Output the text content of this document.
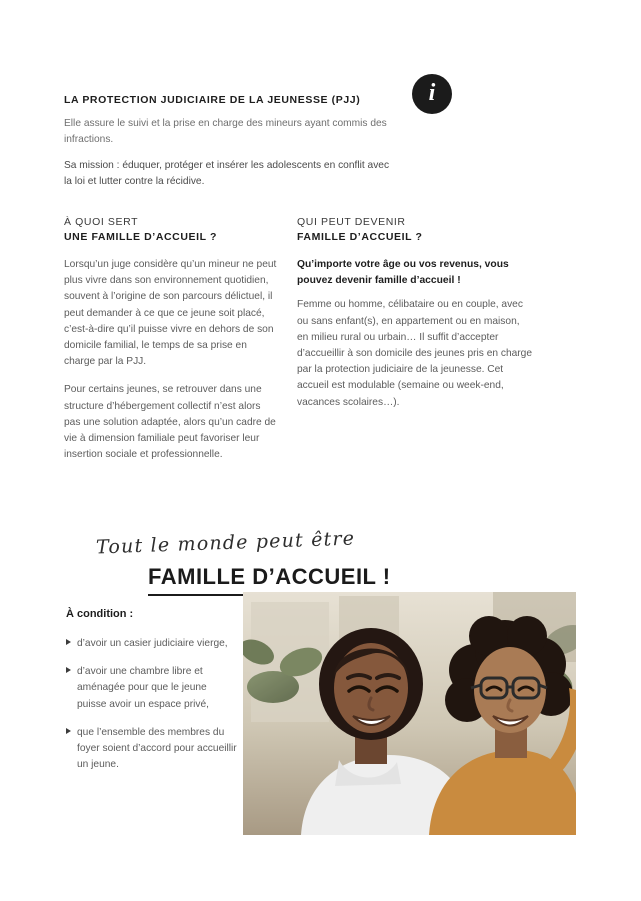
i
LA PROTECTION JUDICIAIRE DE LA JEUNESSE (PJJ)

Elle assure le suivi et la prise en charge des mineurs ayant commis des infractions.

Sa mission : éduquer, protéger et insérer les adolescents en conflit avec la loi et lutter contre la récidive.

À QUOI SERT
UNE FAMILLE D’ACCUEIL ?

Lorsqu’un juge considère qu’un mineur ne peut plus vivre dans son environnement quotidien, souvent à l’origine de son parcours délictuel, il peut demander à ce que ce jeune soit placé, c’est-à-dire qu’il puisse vivre en dehors de son domicile familial, le temps de sa prise en charge par la PJJ.

Pour certains jeunes, se retrouver dans une structure d’hébergement collectif n’est alors pas une solution adaptée, alors qu’un cadre de vie à dimension familiale peut favoriser leur insertion sociale et professionnelle.

QUI PEUT DEVENIR
FAMILLE D’ACCUEIL ?

Qu’importe votre âge ou vos revenus, vous pouvez devenir famille d’accueil !

Femme ou homme, célibataire ou en couple, avec ou sans enfant(s), en appartement ou en maison, en milieu rural ou urbain… Il suffit d’accepter d’accueillir à son domicile des jeunes pris en charge par la protection judiciaire de la jeunesse. Cet accueil est modulable (semaine ou week-end, vacances scolaires…).

Tout le monde peut être
FAMILLE D’ACCUEIL !
À condition :
d’avoir un casier judiciaire vierge,
d’avoir une chambre libre et aménagée pour que le jeune puisse avoir un espace privé,
que l’ensemble des membres du foyer soient d’accord pour accueillir un jeune.
